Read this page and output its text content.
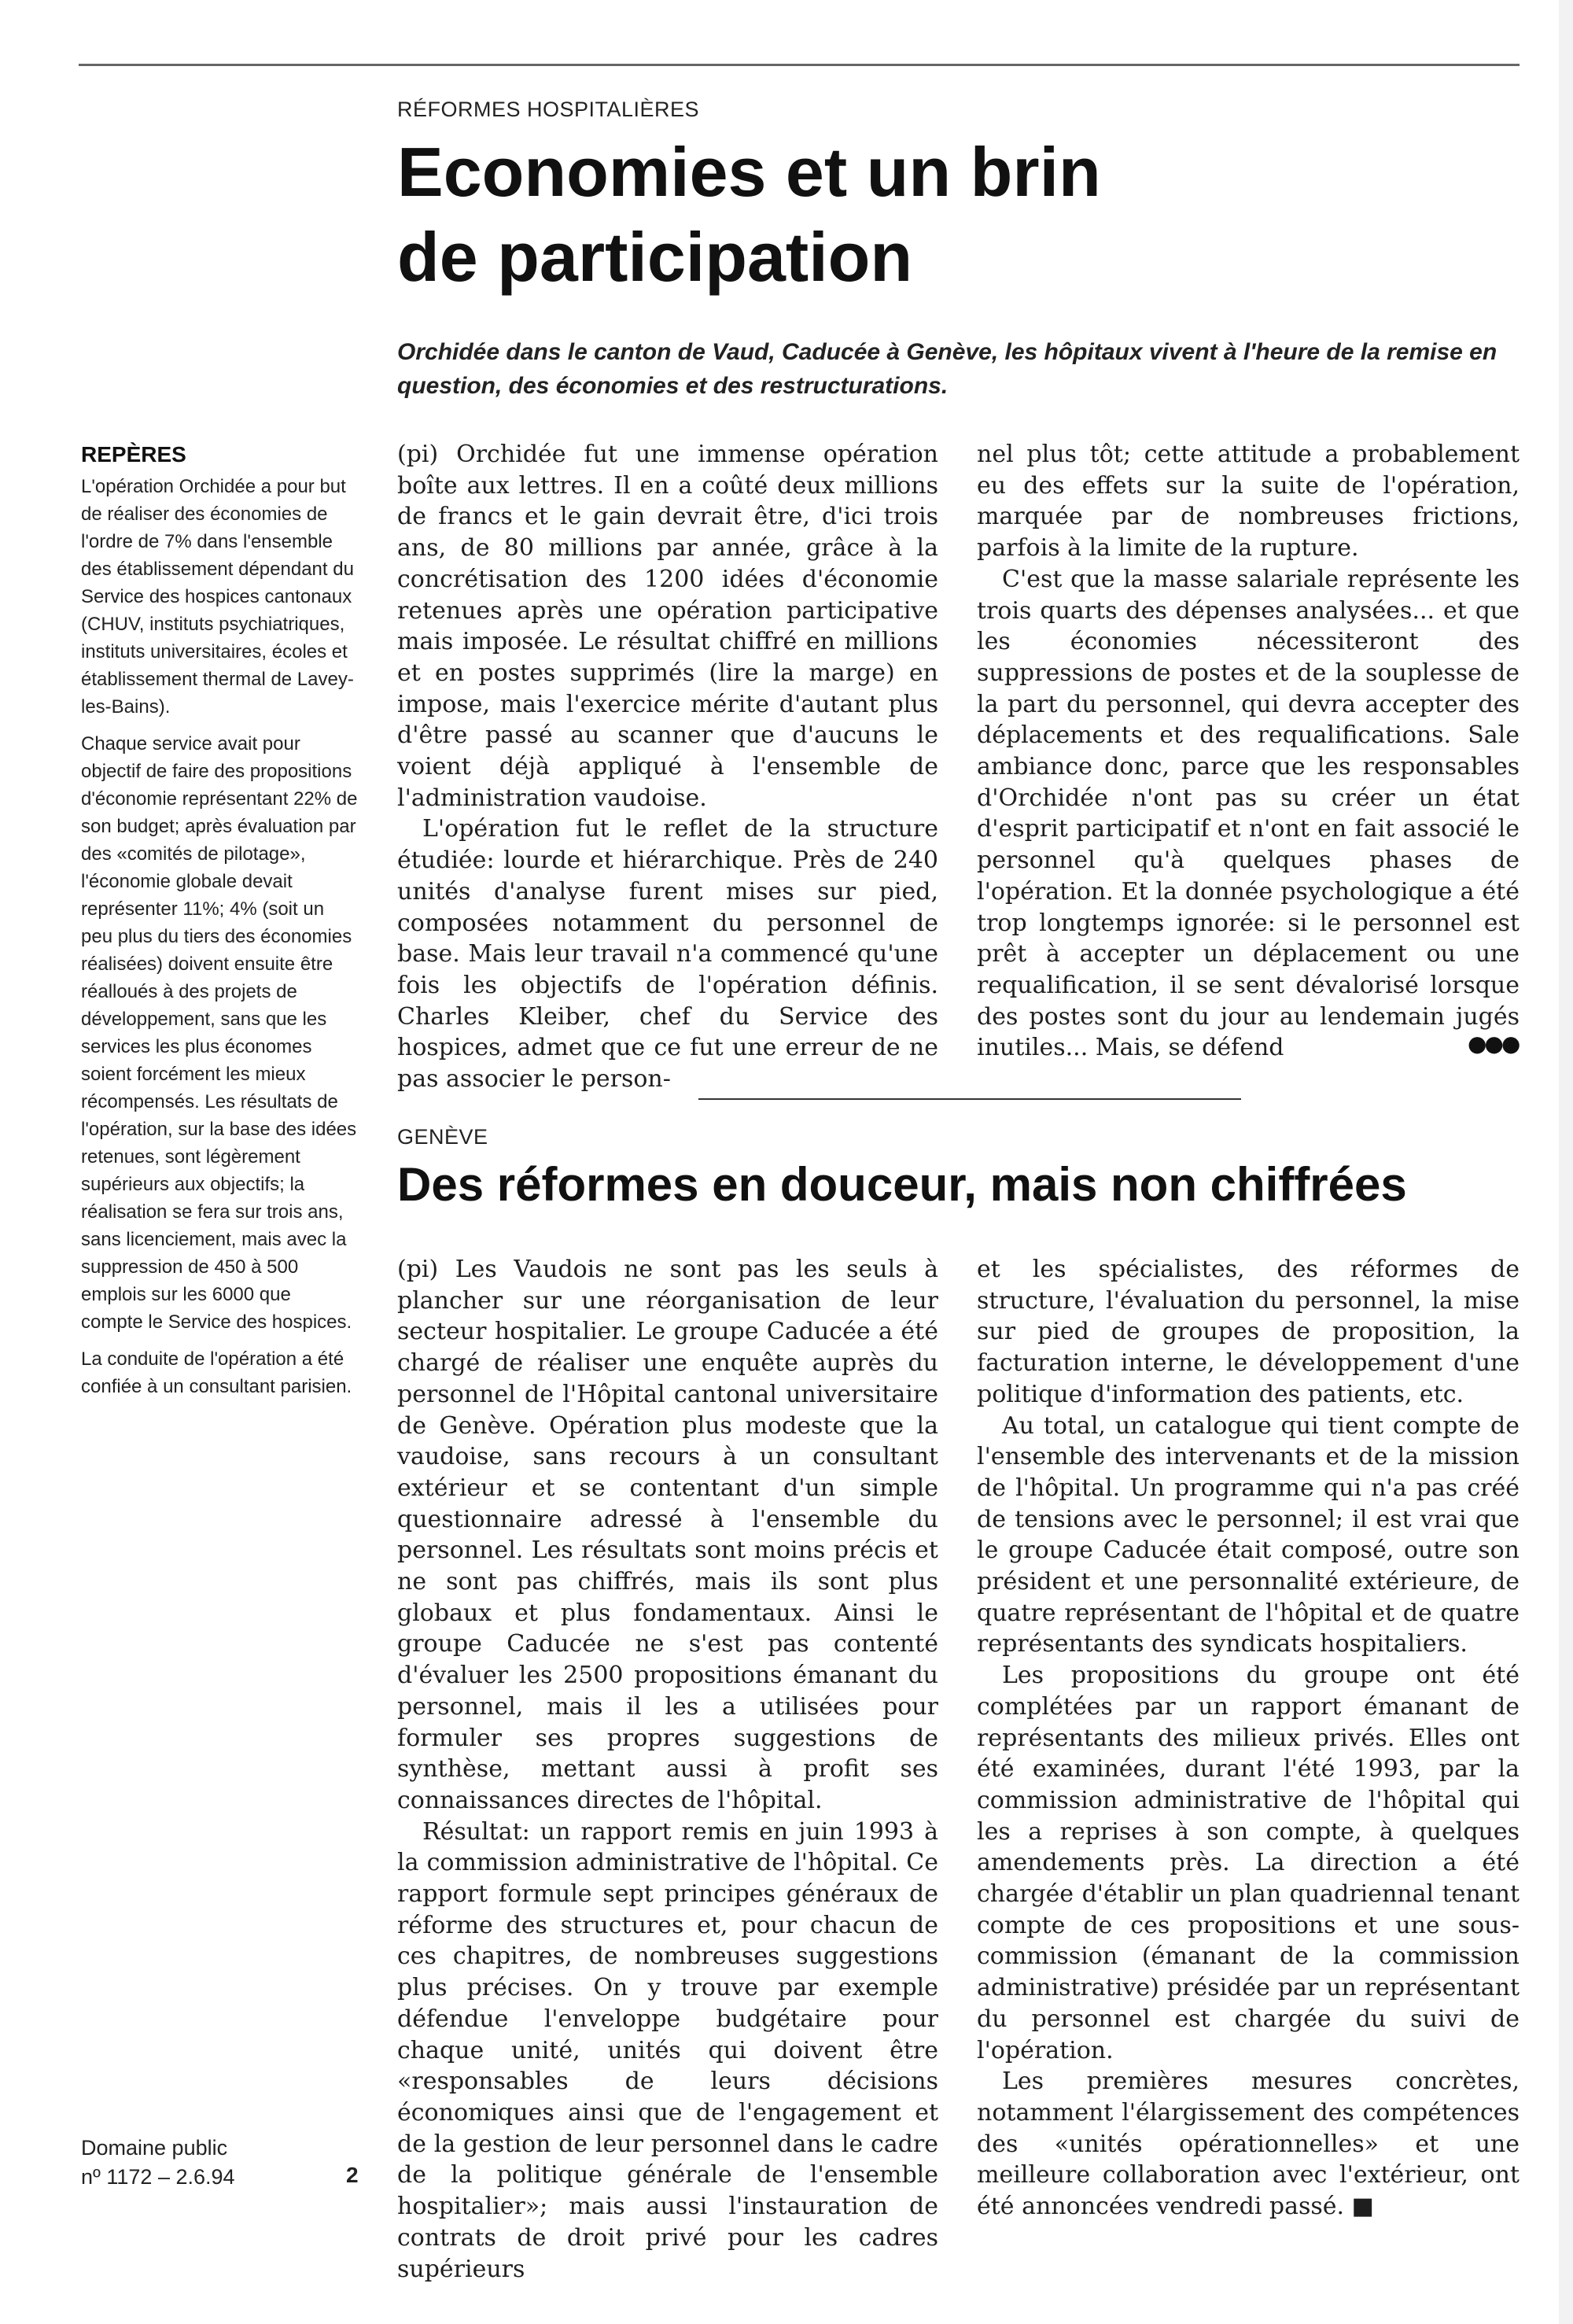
RÉFORMES HOSPITALIÈRES
Economies et un brin
de participation

Orchidée dans le canton de Vaud, Caducée à Genève, les hôpitaux vivent à l'heure de la remise en question, des économies et des restructurations.

REPÈRES

L'opération Orchidée a pour but de réaliser des économies de l'ordre de 7% dans l'ensemble des établissement dépendant du Service des hospices cantonaux (CHUV, instituts psychiatriques, instituts universitaires, écoles et établissement thermal de Lavey-les-Bains).

Chaque service avait pour objectif de faire des propositions d'économie représentant 22% de son budget; après évaluation par des «comités de pilotage», l'économie globale devait représenter 11%; 4% (soit un peu plus du tiers des économies réalisées) doivent ensuite être réalloués à des projets de développement, sans que les services les plus économes soient forcément les mieux récompensés. Les résultats de l'opération, sur la base des idées retenues, sont légèrement supérieurs aux objectifs; la réalisation se fera sur trois ans, sans licenciement, mais avec la suppression de 450 à 500 emplois sur les 6000 que compte le Service des hospices.

La conduite de l'opération a été confiée à un consultant parisien.

(pi) Orchidée fut une immense opération boîte aux lettres. Il en a coûté deux millions de francs et le gain devrait être, d'ici trois ans, de 80 millions par année, grâce à la concrétisation des 1200 idées d'économie retenues après une opération participative mais imposée. Le résultat chiffré en millions et en postes supprimés (lire la marge) en impose, mais l'exercice mérite d'autant plus d'être passé au scanner que d'aucuns le voient déjà appliqué à l'ensemble de l'administration vaudoise.

L'opération fut le reflet de la structure étudiée: lourde et hiérarchique. Près de 240 unités d'analyse furent mises sur pied, composées notamment du personnel de base. Mais leur travail n'a commencé qu'une fois les objectifs de l'opération définis. Charles Kleiber, chef du Service des hospices, admet que ce fut une erreur de ne pas associer le person-

nel plus tôt; cette attitude a probablement eu des effets sur la suite de l'opération, marquée par de nombreuses frictions, parfois à la limite de la rupture.

C'est que la masse salariale représente les trois quarts des dépenses analysées... et que les économies nécessiteront des suppressions de postes et de la souplesse de la part du personnel, qui devra accepter des déplacements et des requalifications. Sale ambiance donc, parce que les responsables d'Orchidée n'ont pas su créer un état d'esprit participatif et n'ont en fait associé le personnel qu'à quelques phases de l'opération. Et la donnée psychologique a été trop longtemps ignorée: si le personnel est prêt à accepter un déplacement ou une requalification, il se sent dévalorisé lorsque des postes sont du jour au lendemain jugés inutiles... Mais, se défend	●●●
GENÈVE
Des réformes en douceur, mais non chiffrées

(pi) Les Vaudois ne sont pas les seuls à plancher sur une réorganisation de leur secteur hospitalier. Le groupe Caducée a été chargé de réaliser une enquête auprès du personnel de l'Hôpital cantonal universitaire de Genève. Opération plus modeste que la vaudoise, sans recours à un consultant extérieur et se contentant d'un simple questionnaire adressé à l'ensemble du personnel. Les résultats sont moins précis et ne sont pas chiffrés, mais ils sont plus globaux et plus fondamentaux. Ainsi le groupe Caducée ne s'est pas contenté d'évaluer les 2500 propositions émanant du personnel, mais il les a utilisées pour formuler ses propres suggestions de synthèse, mettant aussi à profit ses connaissances directes de l'hôpital.

Résultat: un rapport remis en juin 1993 à la commission administrative de l'hôpital. Ce rapport formule sept principes généraux de réforme des structures et, pour chacun de ces chapitres, de nombreuses suggestions plus précises. On y trouve par exemple défendue l'enveloppe budgétaire pour chaque unité, unités qui doivent être «responsables de leurs décisions économiques ainsi que de l'engagement et de la gestion de leur personnel dans le cadre de la politique générale de l'ensemble hospitalier»; mais aussi l'instauration de contrats de droit privé pour les cadres supérieurs

et les spécialistes, des réformes de structure, l'évaluation du personnel, la mise sur pied de groupes de proposition, la facturation interne, le développement d'une politique d'information des patients, etc.

Au total, un catalogue qui tient compte de l'ensemble des intervenants et de la mission de l'hôpital. Un programme qui n'a pas créé de tensions avec le personnel; il est vrai que le groupe Caducée était composé, outre son président et une personnalité extérieure, de quatre représentant de l'hôpital et de quatre représentants des syndicats hospitaliers.

Les propositions du groupe ont été complétées par un rapport émanant de représentants des milieux privés. Elles ont été examinées, durant l'été 1993, par la commission administrative de l'hôpital qui les a reprises à son compte, à quelques amendements près. La direction a été chargée d'établir un plan quadriennal tenant compte de ces propositions et une sous-commission (émanant de la commission administrative) présidée par un représentant du personnel est chargée du suivi de l'opération.

Les premières mesures concrètes, notamment l'élargissement des compétences des «unités opérationnelles» et une meilleure collaboration avec l'extérieur, ont été annoncées vendredi passé. ■

Domaine public
nº 1172 – 2.6.94	2
